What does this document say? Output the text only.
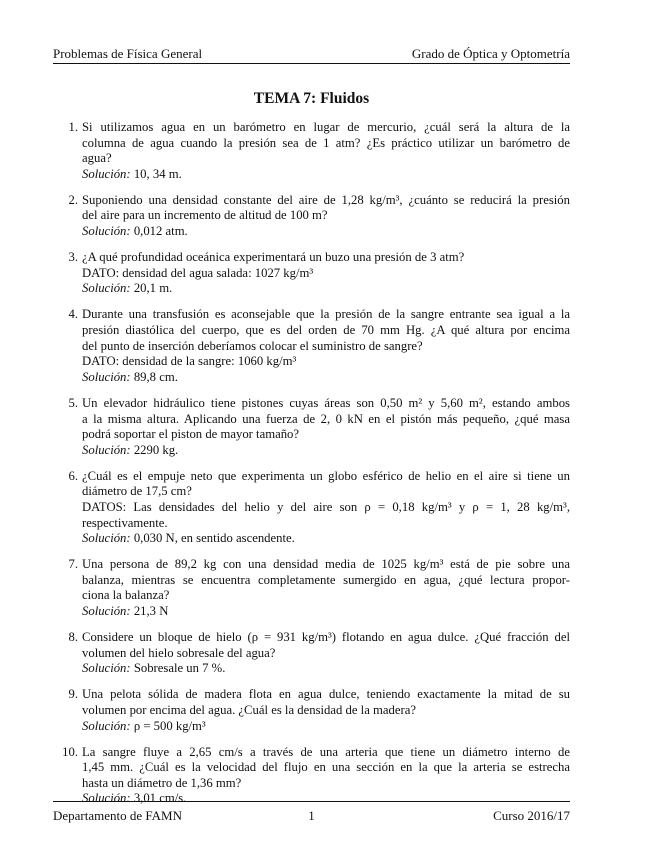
Problemas de Física General	Grado de Óptica y Optometría
TEMA 7: Fluidos
1. Si utilizamos agua en un barómetro en lugar de mercurio, ¿cuál será la altura de la
columna de agua cuando la presión sea de 1 atm? ¿Es práctico utilizar un barómetro de
agua?
Solución: 10, 34 m.
2. Suponiendo una densidad constante del aire de 1,28 kg/m³, ¿cuánto se reducirá la presión
del aire para un incremento de altitud de 100 m?
Solución: 0,012 atm.
3. ¿A qué profundidad oceánica experimentará un buzo una presión de 3 atm?
DATO: densidad del agua salada: 1027 kg/m³
Solución: 20,1 m.
4. Durante una transfusión es aconsejable que la presión de la sangre entrante sea igual a la
presión diastólica del cuerpo, que es del orden de 70 mm Hg. ¿A qué altura por encima
del punto de inserción deberíamos colocar el suministro de sangre?
DATO: densidad de la sangre: 1060 kg/m³
Solución: 89,8 cm.
5. Un elevador hidráulico tiene pistones cuyas áreas son 0,50 m² y 5,60 m², estando ambos
a la misma altura. Aplicando una fuerza de 2, 0 kN en el pistón más pequeño, ¿qué masa
podrá soportar el piston de mayor tamaño?
Solución: 2290 kg.
6. ¿Cuál es el empuje neto que experimenta un globo esférico de helio en el aire si tiene un
diámetro de 17,5 cm?
DATOS: Las densidades del helio y del aire son ρ = 0,18 kg/m³ y ρ = 1, 28 kg/m³,
respectivamente.
Solución: 0,030 N, en sentido ascendente.
7. Una persona de 89,2 kg con una densidad media de 1025 kg/m³ está de pie sobre una
balanza, mientras se encuentra completamente sumergido en agua, ¿qué lectura propor-
ciona la balanza?
Solución: 21,3 N
8. Considere un bloque de hielo (ρ = 931 kg/m³) flotando en agua dulce. ¿Qué fracción del
volumen del hielo sobresale del agua?
Solución: Sobresale un 7 %.
9. Una pelota sólida de madera flota en agua dulce, teniendo exactamente la mitad de su
volumen por encima del agua. ¿Cuál es la densidad de la madera?
Solución: ρ = 500 kg/m³
10. La sangre fluye a 2,65 cm/s a través de una arteria que tiene un diámetro interno de
1,45 mm. ¿Cuál es la velocidad del flujo en una sección en la que la arteria se estrecha
hasta un diámetro de 1,36 mm?
Solución: 3,01 cm/s.
Departamento de FAMN	1	Curso 2016/17
